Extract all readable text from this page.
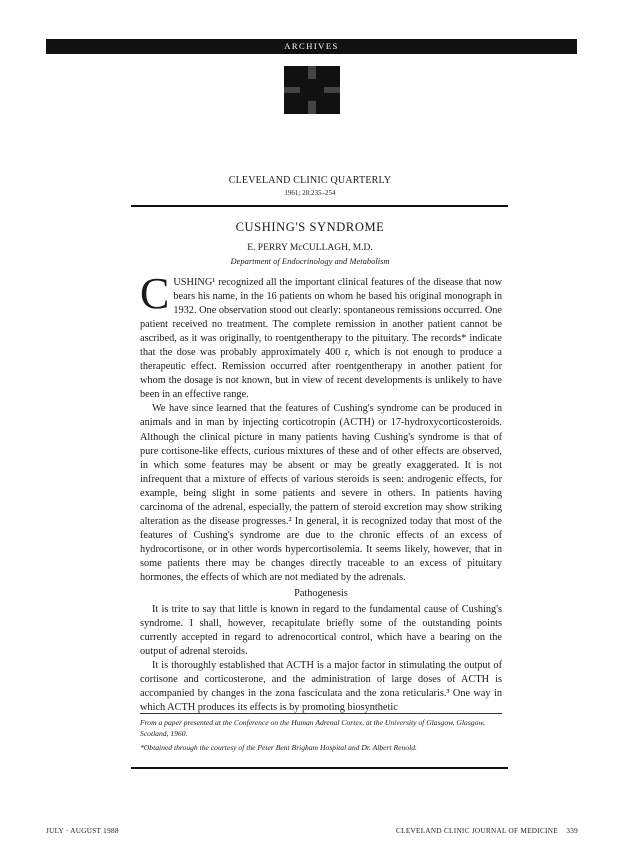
ARCHIVES
CLEVELAND CLINIC QUARTERLY
1961; 28:235–254
CUSHING'S SYNDROME
E. PERRY McCULLAGH, M.D.
Department of Endocrinology and Metabolism

CUSHING¹ recognized all the important clinical features of the disease that now bears his name, in the 16 patients on whom he based his original monograph in 1932. One observation stood out clearly: spontaneous remissions occurred. One patient received no treatment. The complete remission in another patient cannot be ascribed, as it was originally, to roentgentherapy to the pituitary. The records* indicate that the dose was probably approximately 400 r, which is not enough to produce a therapeutic effect. Remission occurred after roentgentherapy in another patient for whom the dosage is not known, but in view of recent developments is unlikely to have been in an effective range.

We have since learned that the features of Cushing's syndrome can be produced in animals and in man by injecting corticotropin (ACTH) or 17-hydroxycorticosteroids. Although the clinical picture in many patients having Cushing's syndrome is that of pure cortisone-like effects, curious mixtures of these and of other effects are observed, in which some features may be absent or may be greatly exaggerated. It is not infrequent that a mixture of effects of various steroids is seen: androgenic effects, for example, being slight in some patients and severe in others. In patients having carcinoma of the adrenal, especially, the pattern of steroid excretion may show striking alteration as the disease progresses.² In general, it is recognized today that most of the features of Cushing's syndrome are due to the chronic effects of an excess of hydrocortisone, or in other words hypercortisolemia. It seems likely, however, that in some patients there may be changes directly traceable to an excess of pituitary hormones, the effects of which are not mediated by the adrenals.

Pathogenesis

It is trite to say that little is known in regard to the fundamental cause of Cushing's syndrome. I shall, however, recapitulate briefly some of the outstanding points currently accepted in regard to adrenocortical control, which have a bearing on the output of adrenal steroids.

It is thoroughly established that ACTH is a major factor in stimulating the output of cortisone and corticosterone, and the administration of large doses of ACTH is accompanied by changes in the zona fasciculata and the zona reticularis.³ One way in which ACTH produces its effects is by promoting biosynthetic

From a paper presented at the Conference on the Human Adrenal Cortex, at the University of Glasgow, Glasgow, Scotland, 1960.

*Obtained through the courtesy of the Peter Bent Brigham Hospital and Dr. Albert Renold.

JULY · AUGUST 1988	CLEVELAND CLINIC JOURNAL OF MEDICINE 339
